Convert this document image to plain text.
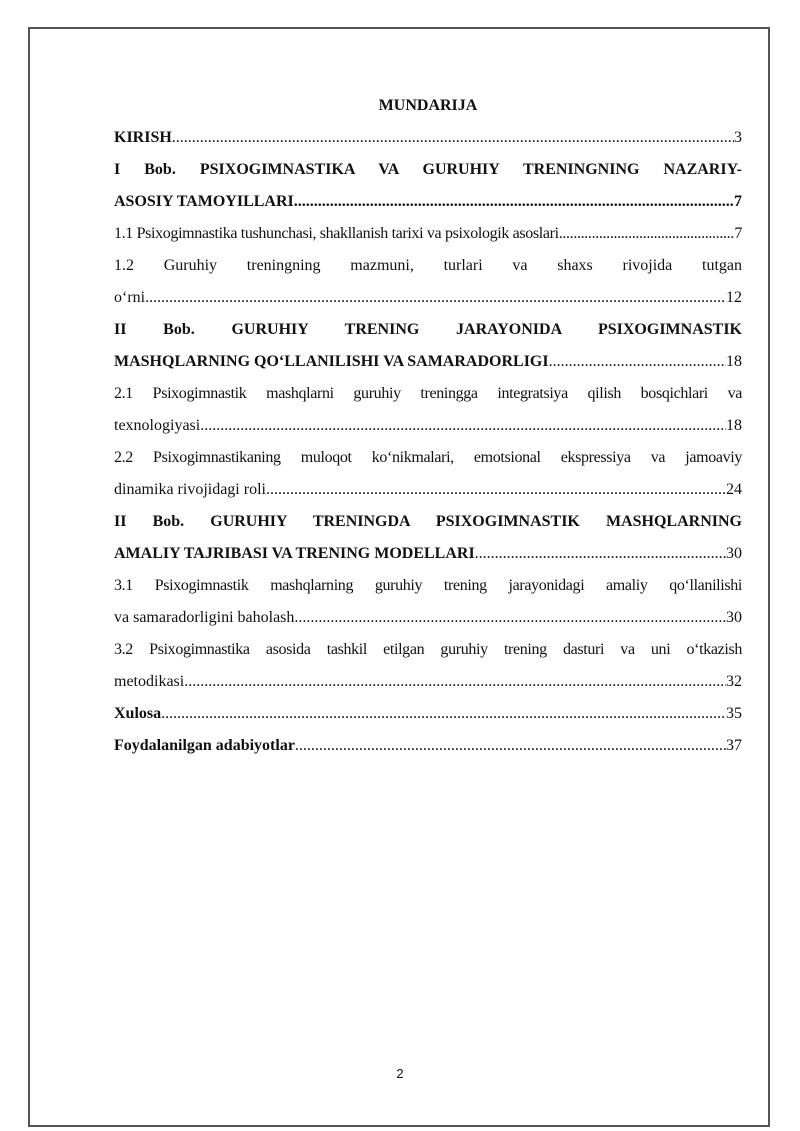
MUNDARIJA
KIRISH .....	3
I Bob. PSIXOGIMNASTIKA VA GURUHIY TRENINGNING NAZARIY-
ASOSIY TAMOYILLARI .....	7
1.1 Psixogimnastika tushunchasi, shakllanish tarixi va psixologik asoslari .....	7
1.2 Guruhiy treningning mazmuni, turlari va shaxs rivojida tutgan
o‘rni .....	12
II Bob. GURUHIY TRENING JARAYONIDA PSIXOGIMNASTIK
MASHQLARNING QO‘LLANILISHI VA SAMARADORLIGI .....	18
2.1 Psixogimnastik mashqlarni guruhiy treningga integratsiya qilish bosqichlari va
texnologiyasi .....	18
2.2 Psixogimnastikaning muloqot ko‘nikmalari, emotsional ekspressiya va jamoaviy
dinamika rivojidagi roli .....	24
II Bob. GURUHIY TRENINGDA PSIXOGIMNASTIK MASHQLARNING
AMALIY TAJRIBASI VA TRENING MODELLARI .....	30
3.1 Psixogimnastik mashqlarning guruhiy trening jarayonidagi amaliy qo‘llanilishi
va samaradorligini baholash .....	30
3.2 Psixogimnastika asosida tashkil etilgan guruhiy trening dasturi va uni o‘tkazish
metodikasi .....	32
Xulosa .....	35
Foydalanilgan adabiyotlar .....	37
2
